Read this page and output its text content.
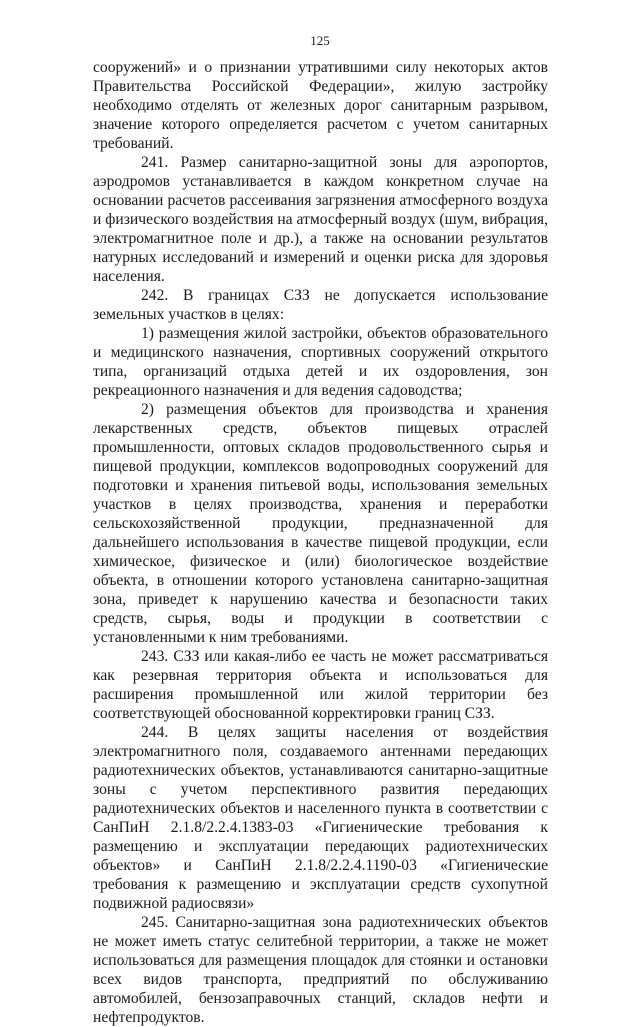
125

сооружений» и о признании утратившими силу некоторых актов Правительства Российской Федерации», жилую застройку необходимо отделять от железных дорог санитарным разрывом, значение которого определяется расчетом с учетом санитарных требований.

241. Размер санитарно-защитной зоны для аэропортов, аэродромов устанавливается в каждом конкретном случае на основании расчетов рассеивания загрязнения атмосферного воздуха и физического воздействия на атмосферный воздух (шум, вибрация, электромагнитное поле и др.), а также на основании результатов натурных исследований и измерений и оценки риска для здоровья населения.

242. В границах СЗЗ не допускается использование земельных участков в целях:

1) размещения жилой застройки, объектов образовательного и медицинского назначения, спортивных сооружений открытого типа, организаций отдыха детей и их оздоровления, зон рекреационного назначения и для ведения садоводства;

2) размещения объектов для производства и хранения лекарственных средств, объектов пищевых отраслей промышленности, оптовых складов продовольственного сырья и пищевой продукции, комплексов водопроводных сооружений для подготовки и хранения питьевой воды, использования земельных участков в целях производства, хранения и переработки сельскохозяйственной продукции, предназначенной для дальнейшего использования в качестве пищевой продукции, если химическое, физическое и (или) биологическое воздействие объекта, в отношении которого установлена санитарно-защитная зона, приведет к нарушению качества и безопасности таких средств, сырья, воды и продукции в соответствии с установленными к ним требованиями.

243. СЗЗ или какая-либо ее часть не может рассматриваться как резервная территория объекта и использоваться для расширения промышленной или жилой территории без соответствующей обоснованной корректировки границ СЗЗ.

244. В целях защиты населения от воздействия электромагнитного поля, создаваемого антеннами передающих радиотехнических объектов, устанавливаются санитарно-защитные зоны с учетом перспективного развития передающих радиотехнических объектов и населенного пункта в соответствии с СанПиН 2.1.8/2.2.4.1383-03 «Гигиенические требования к размещению и эксплуатации передающих радиотехнических объектов» и СанПиН 2.1.8/2.2.4.1190-03 «Гигиенические требования к размещению и эксплуатации средств сухопутной подвижной радиосвязи»

245. Санитарно-защитная зона радиотехнических объектов не может иметь статус селитебной территории, а также не может использоваться для размещения площадок для стоянки и остановки всех видов транспорта, предприятий по обслуживанию автомобилей, бензозаправочных станций, складов нефти и нефтепродуктов.
